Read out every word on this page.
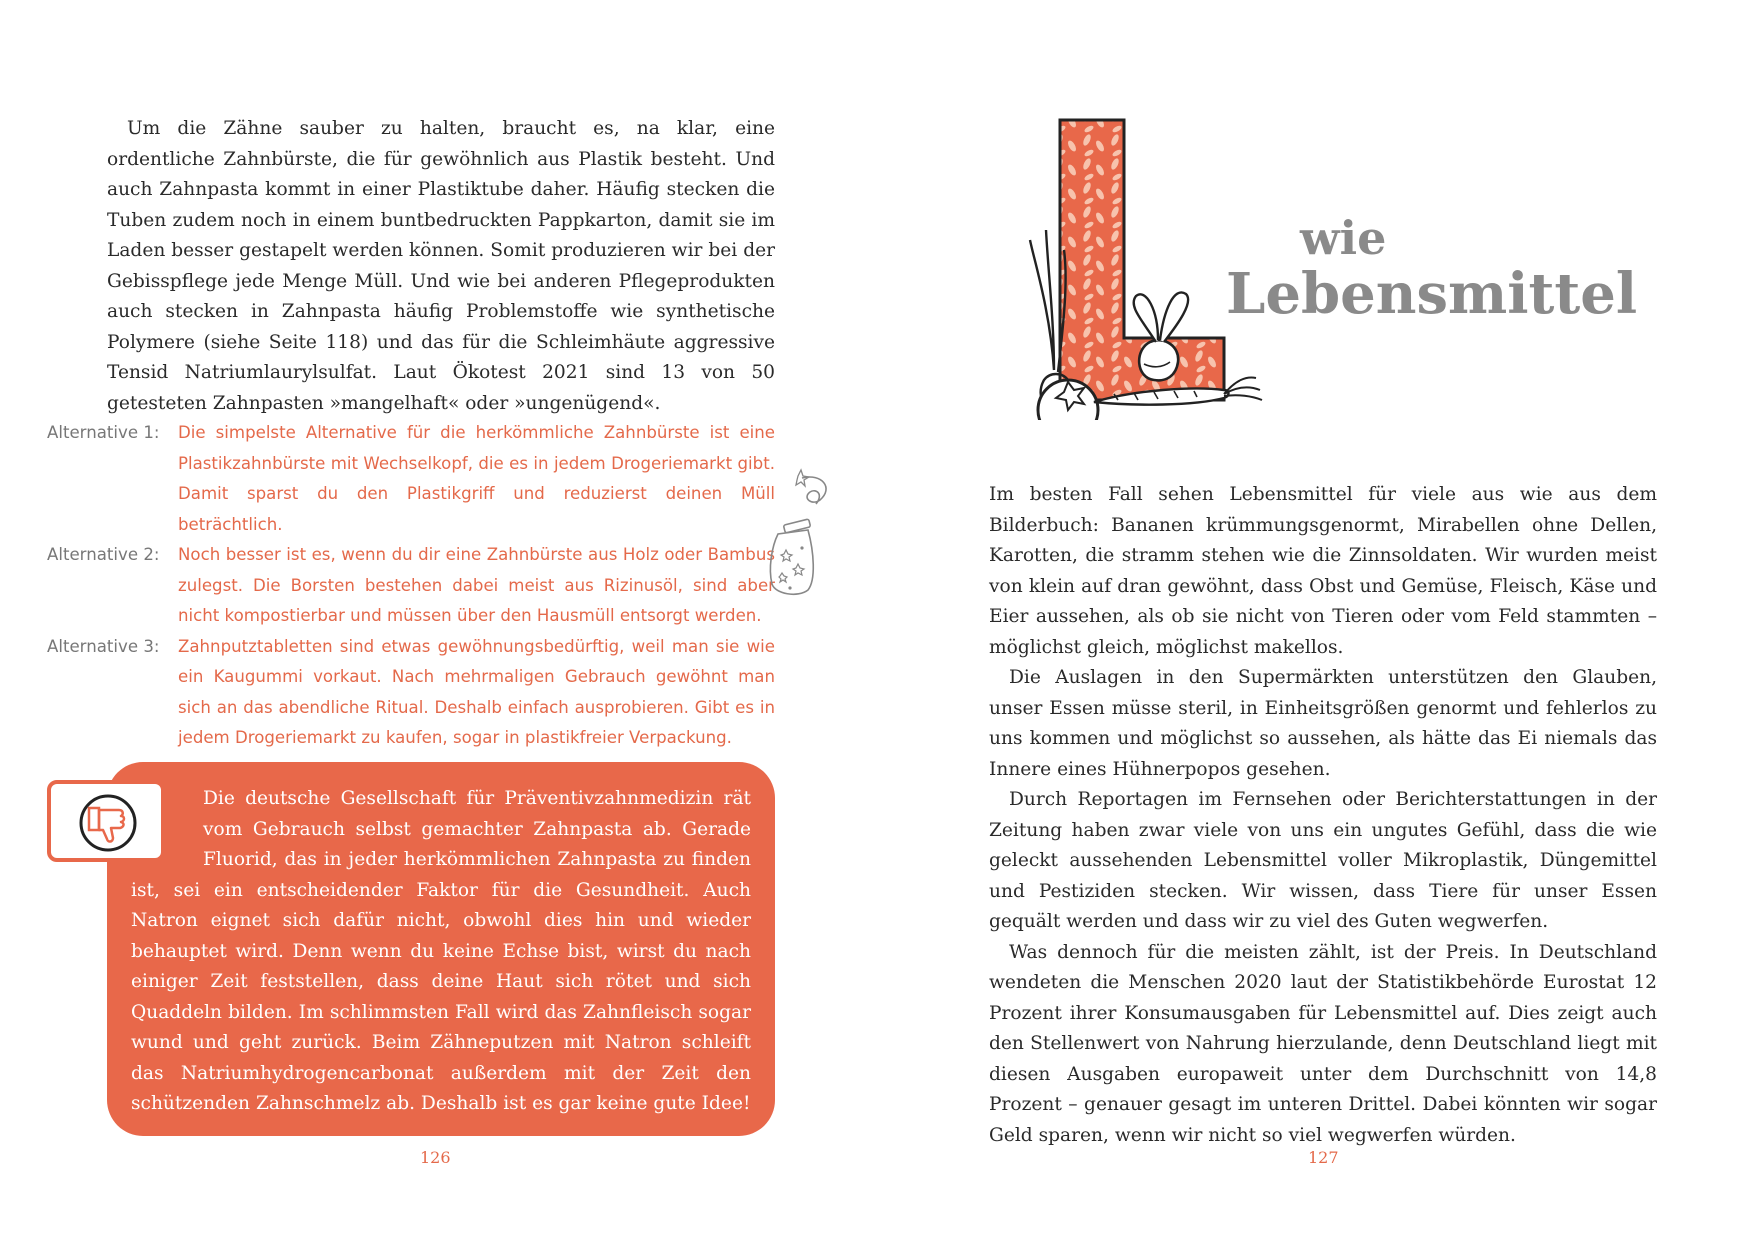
Um die Zähne sauber zu halten, braucht es, na klar, eine ordentliche Zahnbürste, die für gewöhnlich aus Plastik besteht. Und auch Zahnpasta kommt in einer Plastiktube daher. Häufig stecken die Tuben zudem noch in einem buntbedruckten Pappkarton, damit sie im Laden besser gestapelt werden können. Somit produzieren wir bei der Gebisspflege jede Menge Müll. Und wie bei anderen Pflegeprodukten auch stecken in Zahnpasta häufig Problemstoffe wie synthetische Polymere (siehe Seite 118) und das für die Schleimhäute aggressive Tensid Natriumlaurylsulfat. Laut Ökotest 2021 sind 13 von 50 getesteten Zahnpasten »mangelhaft« oder »ungenügend«.

Alternative 1:	Die simpelste Alternative für die herkömmliche Zahnbürste ist eine Plastikzahnbürste mit Wechselkopf, die es in jedem Drogeriemarkt gibt. Damit sparst du den Plastikgriff und reduzierst deinen Müll beträchtlich.
Alternative 2:	Noch besser ist es, wenn du dir eine Zahnbürste aus Holz oder Bambus zulegst. Die Borsten bestehen dabei meist aus Rizinusöl, sind aber nicht kompostierbar und müssen über den Hausmüll entsorgt werden.
Alternative 3:	Zahnputztabletten sind etwas gewöhnungsbedürftig, weil man sie wie ein Kaugummi vorkaut. Nach mehrmaligen Gebrauch gewöhnt man sich an das abendliche Ritual. Deshalb einfach ausprobieren. Gibt es in jedem Drogeriemarkt zu kaufen, sogar in plastikfreier Verpackung.

Die deutsche Gesellschaft für Präventivzahnmedizin rät vom Gebrauch selbst gemachter Zahnpasta ab. Gerade Fluorid, das in jeder herkömmlichen Zahnpasta zu finden ist, sei ein entscheidender Faktor für die Gesundheit. Auch Natron eignet sich dafür nicht, obwohl dies hin und wieder behauptet wird. Denn wenn du keine Echse bist, wirst du nach einiger Zeit feststellen, dass deine Haut sich rötet und sich Quaddeln bilden. Im schlimmsten Fall wird das Zahnfleisch sogar wund und geht zurück. Beim Zähneputzen mit Natron schleift das Natriumhydrogencarbonat außerdem mit der Zeit den schützenden Zahnschmelz ab. Deshalb ist es gar keine gute Idee!

126
L
wie
Lebensmittel

Im besten Fall sehen Lebensmittel für viele aus wie aus dem Bilderbuch: Bananen krümmungsgenormt, Mirabellen ohne Dellen, Karotten, die stramm stehen wie die Zinnsoldaten. Wir wurden meist von klein auf dran gewöhnt, dass Obst und Gemüse, Fleisch, Käse und Eier aussehen, als ob sie nicht von Tieren oder vom Feld stammten – möglichst gleich, möglichst makellos.

Die Auslagen in den Supermärkten unterstützen den Glauben, unser Essen müsse steril, in Einheitsgrößen genormt und fehlerlos zu uns kommen und möglichst so aussehen, als hätte das Ei niemals das Innere eines Hühnerpopos gesehen.

Durch Reportagen im Fernsehen oder Berichterstattungen in der Zeitung haben zwar viele von uns ein ungutes Gefühl, dass die wie geleckt aussehenden Lebensmittel voller Mikroplastik, Düngemittel und Pestiziden stecken. Wir wissen, dass Tiere für unser Essen gequält werden und dass wir zu viel des Guten wegwerfen.

Was dennoch für die meisten zählt, ist der Preis. In Deutschland wendeten die Menschen 2020 laut der Statistikbehörde Eurostat 12 Prozent ihrer Konsumausgaben für Lebensmittel auf. Dies zeigt auch den Stellenwert von Nahrung hierzulande, denn Deutschland liegt mit diesen Ausgaben europaweit unter dem Durchschnitt von 14,8 Prozent – genauer gesagt im unteren Drittel. Dabei könnten wir sogar Geld sparen, wenn wir nicht so viel wegwerfen würden.

127
